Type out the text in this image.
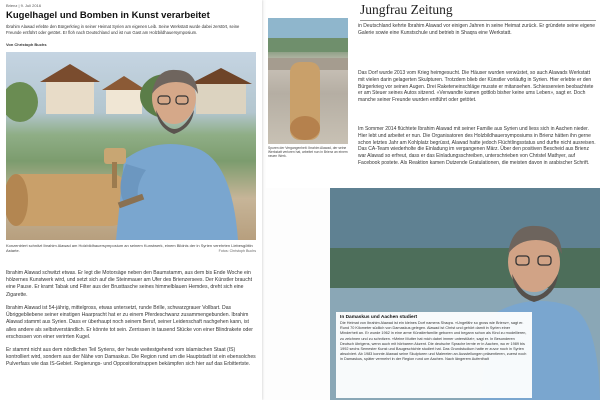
Brienz | 9. Juli 2016
Kugelhagel und Bomben in Kunst verarbeitet

Ibrahim Alawad erlebte den Bürgerkrieg in seiner Heimat Syrien am eigenen Leib. Seine Werkstatt wurde dabei zerstört, seine Freunde entführt oder getötet. Er floh nach Deutschland und ist nun Gast am Holzbildhauersymposium.

Von Christoph Buchs
Konzentriert schnitzt Ibrahim Alawad am Holzbildhauersymposium an seinem Kunstwerk, einem Bildnis der in Syrien verehrten Liebesgöttin Astarte.	Fotos: Christoph Buchs

Ibrahim Alawad schwitzt etwas. Er legt die Motorsäge neben den Baumstamm, aus dem bis Ende Woche ein hölzernes Kunstwerk wird, und setzt sich auf die Steinmauer am Ufer des Brienzersees. Der Künstler braucht eine Pause. Er kramt Tabak und Filter aus der Brusttasche seines himmelblauen Hemdes, dreht sich eine Zigarette.

Ibrahim Alawad ist 54-jährig, mittelgross, etwas untersetzt, runde Brille, schwarzgrauer Vollbart. Das Übriggebliebene seiner einstigen Haarpracht hat er zu einem Pferdeschwanz zusammengebunden. Ibrahim Alawad stammt aus Syrien. Dass er überhaupt noch seinem Beruf, seiner Leidenschaft nachgehen kann, ist alles andere als selbstverständlich. Er könnte tot sein. Zerrissen in tausend Stücke von einer Blindrakete oder erschossen von einer verirrten Kugel.

Er stammt nicht aus dem nördlichen Teil Syriens, der heute weitestgehend vom islamischen Staat (IS) kontrolliert wird, sondern aus der Nähe von Damaskus. Die Region rund um die Hauptstadt ist ein ebensolches Pulverfass wie das IS-Gebiet. Regierungs- und Oppositionstruppen bekämpfen sich hier auf das Erbittertste.

Jungfrau Zeitung
Spuren der Vergangenheit: Ibrahim Alawad, der seine Werkstatt verloren hat, arbeitet nun in Brienz an einem neuen Werk.

in Deutschland kehrte Ibrahim Alawad vor einigen Jahren in seine Heimat zurück. Er gründete seine eigene Galerie sowie eine Kunstschule und betrieb in Shaqra eine Werkstatt.

Das Dorf wurde 2013 vom Krieg heimgesucht. Die Häuser wurden verwüstet, so auch Alawads Werkstatt mit vielen darin gelagerten Skulpturen. Trotzdem blieb der Künstler vorläufig in Syrien. Hier erlebte er den Bürgerkrieg vor seinen Augen. Drei Raketeneinschläge musste er mitansehen. Schiessereien beobachtete er am Steuer seines Autos sitzend. «Verwandte kamen gottlob bisher keine ums Leben», sagt er. Doch manche seiner Freunde wurden entführt oder getötet.

Im Sommer 2014 flüchtete Ibrahim Alawad mit seiner Familie aus Syrien und liess sich in Aachen nieder. Hier lebt und arbeitet er nun. Die Organisatoren des Holzbildhauersymposiums in Brienz hätten ihn gerne schon letztes Jahr am Kohlplatz begrüsst, Alawad hatte jedoch Flüchtlingsstatus und durfte nicht ausreisen. Das CA-Team wiederholte die Einladung im vergangenen März. Über den positiven Bescheid aus Brienz war Alawad so erfreut, dass er das Einladungsschreiben, unterschrieben von Christel Mathyer, auf Facebook postete. Als Reaktion kamen Dutzende Gratulationen, die meisten davon in arabischer Schrift.

In Damaskus und Aachen studiert

Die Heimat von Ibrahim Alawad ist ein kleines Dorf namens Shaqra. «Ungefähr so gross wie Brienz», sagt er. Rund 70 Kilometer südlich von Damaskus gelegen. Alawad ist Christ und gehört damit in Syrien einer Minderheit an. Er wurde 1962 in eine arme Künstlerfamilie geboren und begann schon als Kind zu modellieren, zu zeichnen und zu schnitzen. «Meine Mutter hat mich dabei immer unterstützt», sagt er. In Besonderen Deutsch übrigens, wenn auch mit hörbarem Akzent. Die deutsche Sprache lernte er in Aachen, wo er 1989 bis 1992 sechs Semester Kunst und Baugeschichte studiert hat. Das Grundstudium hatte er zuvor noch in Syrien absolviert. Ab 1983 konnte Alawad seine Skulpturen und Malereien an Ausstellungen präsentieren, zuerst noch in Damaskus, später vermehrt in der Region rund um Aachen. Nach längerem Aufenthalt
